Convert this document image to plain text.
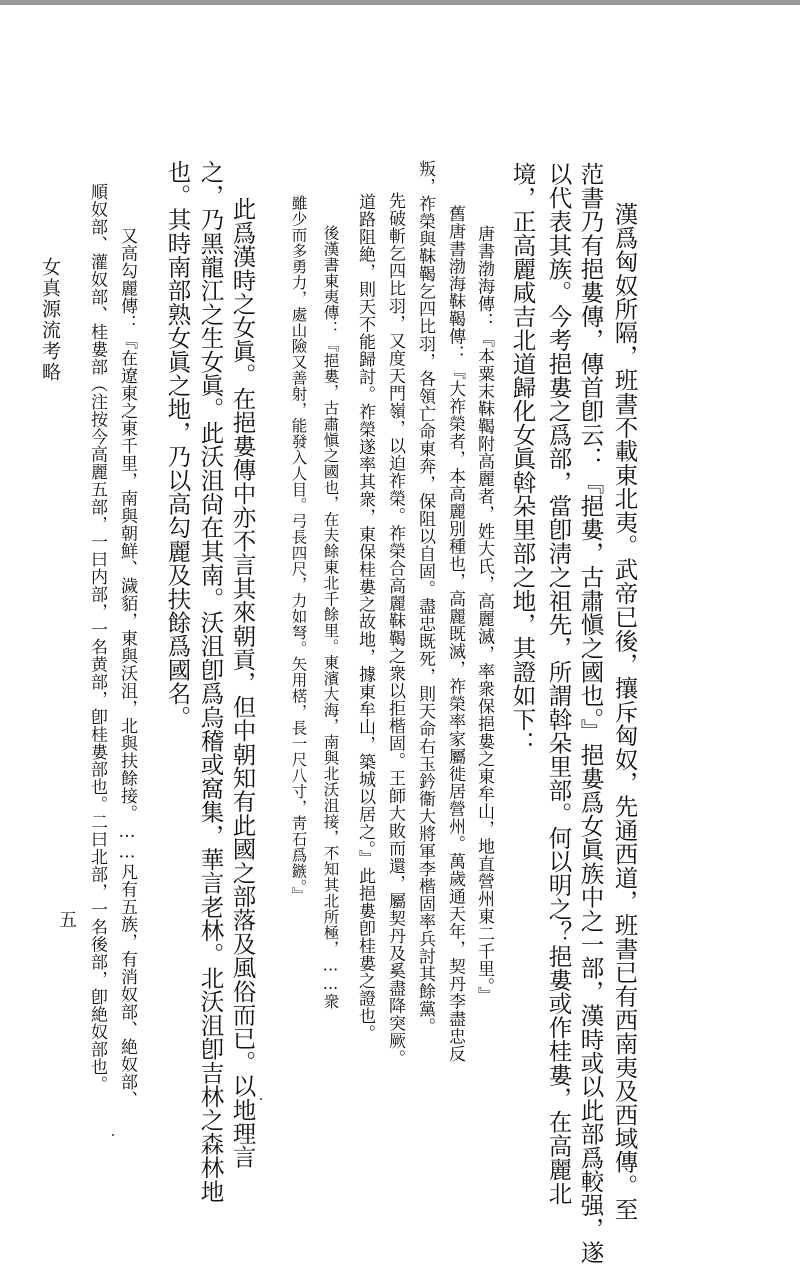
漢爲匈奴所隔，班書不載東北夷。武帝已後，攘斥匈奴，先通西道，班書已有西南夷及西域傳。至
范書乃有挹婁傳，傳首卽云：『挹婁，古肅愼之國也。』挹婁爲女眞族中之一部，漢時或以此部爲較强，遂
以代表其族。今考挹婁之爲部，當卽淸之祖先，所謂斡朵里部。何以明之？挹婁或作桂婁，在高麗北
境，正高麗咸吉北道歸化女眞斡朵里部之地，其證如下：
唐書渤海傳：『本粟末靺鞨附高麗者，姓大氏，高麗滅，率衆保挹婁之東牟山，地直營州東二千里。』
舊唐書渤海靺鞨傳：『大祚榮者，本高麗別種也，高麗既滅，祚榮率家屬徙居營州。萬歲通天年，契丹李盡忠反
叛，祚榮與靺鞨乞四比羽，各領亡命東奔，保阻以自固。盡忠既死，則天命右玉鈐衞大將軍李楷固率兵討其餘黨。
先破斬乞四比羽，又度天門嶺，以迫祚榮。祚榮合高麗靺鞨之衆以拒楷固。王師大敗而還，屬契丹及奚盡降突厥。
道路阻絶，則天不能歸討。祚榮遂率其衆，東保桂婁之故地，據東牟山，築城以居之。』此挹婁卽桂婁之證也。
後漢書東夷傳：『挹婁，古肅愼之國也，在夫餘東北千餘里。東濱大海，南與北沃沮接，不知其北所極，……衆
雖少而多勇力，處山險又善射，能發入人目。弓長四尺，力如弩。矢用楛，長一尺八寸，靑石爲鏃。』
此爲漢時之女眞。在挹婁傳中亦不言其來朝貢，但中朝知有此國之部落及風俗而已。以地理言
之，乃黑龍江之生女眞。此沃沮尙在其南。沃沮卽爲烏稽或窩集，華言老林。北沃沮卽吉林之森林地
也。其時南部熟女眞之地，乃以高勾麗及扶餘爲國名。
又高勾麗傳：『在遼東之東千里，南與朝鮮、濊貊，東與沃沮，北與扶餘接。……凡有五族，有消奴部、絶奴部、
順奴部、灌奴部、桂婁部（注按今高麗五部，一曰内部，一名黄部，卽桂婁部也。二曰北部，一名後部，卽絶奴部也。
女真源流考略
五
